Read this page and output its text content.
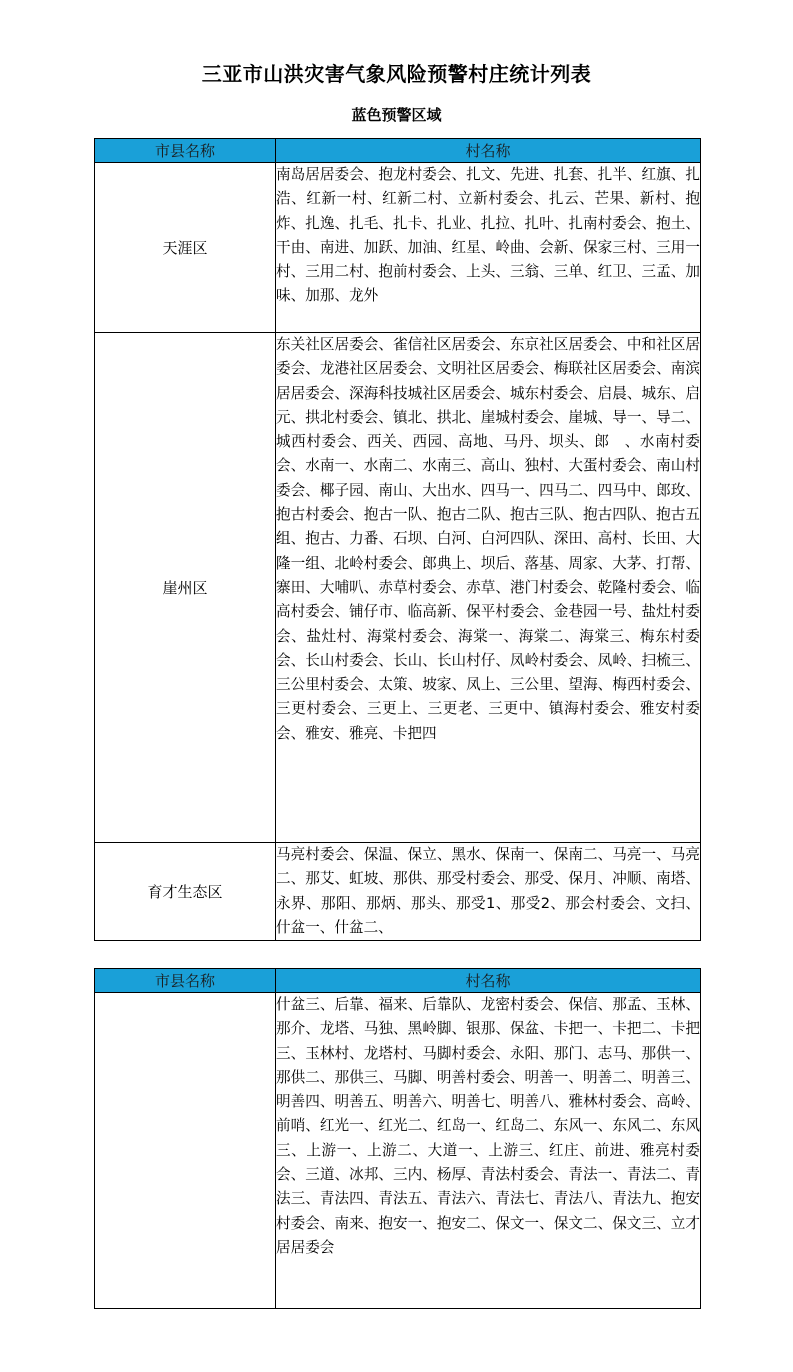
三亚市山洪灾害气象风险预警村庄统计列表
蓝色预警区域
市县名称	村名称
天涯区	南岛居居委会、抱龙村委会、扎文、先进、扎套、扎半、红旗、扎浩、红新一村、红新二村、立新村委会、扎云、芒果、新村、抱炸、扎逸、扎毛、扎卡、扎业、扎拉、扎叶、扎南村委会、抱土、干由、南进、加跃、加油、红星、岭曲、会新、保家三村、三用一村、三用二村、抱前村委会、上头、三翁、三单、红卫、三孟、加味、加那、龙外
崖州区	东关社区居委会、雀信社区居委会、东京社区居委会、中和社区居委会、龙港社区居委会、文明社区居委会、梅联社区居委会、南滨居居委会、深海科技城社区居委会、城东村委会、启晨、城东、启元、拱北村委会、镇北、拱北、崖城村委会、崖城、导一、导二、城西村委会、西关、西园、高地、马丹、坝头、郎　、水南村委会、水南一、水南二、水南三、高山、独村、大蛋村委会、南山村委会、椰子园、南山、大出水、四马一、四马二、四马中、郎玫、抱古村委会、抱古一队、抱古二队、抱古三队、抱古四队、抱古五组、抱古、力番、石坝、白河、白河四队、深田、高村、长田、大隆一组、北岭村委会、郎典上、坝后、落基、周家、大茅、打帮、寨田、大哺叭、赤草村委会、赤草、港门村委会、乾隆村委会、临高村委会、铺仔市、临高新、保平村委会、金巷园一号、盐灶村委会、盐灶村、海棠村委会、海棠一、海棠二、海棠三、梅东村委会、长山村委会、长山、长山村仔、凤岭村委会、凤岭、扫梳三、三公里村委会、太策、坡家、凤上、三公里、望海、梅西村委会、三更村委会、三更上、三更老、三更中、镇海村委会、雅安村委会、雅安、雅亮、卡把四
育才生态区	马亮村委会、保温、保立、黑水、保南一、保南二、马亮一、马亮二、那艾、虹坡、那供、那受村委会、那受、保月、冲顺、南塔、永界、那阳、那炳、那头、那受1、那受2、那会村委会、文扫、什盆一、什盆二、
市县名称	村名称
	什盆三、后靠、福来、后靠队、龙密村委会、保信、那孟、玉林、那介、龙塔、马独、黑岭脚、银那、保盆、卡把一、卡把二、卡把三、玉林村、龙塔村、马脚村委会、永阳、那门、志马、那供一、那供二、那供三、马脚、明善村委会、明善一、明善二、明善三、明善四、明善五、明善六、明善七、明善八、雅林村委会、高岭、前哨、红光一、红光二、红岛一、红岛二、东风一、东风二、东风三、上游一、上游二、大道一、上游三、红庄、前进、雅亮村委会、三道、冰邦、三内、杨厚、青法村委会、青法一、青法二、青法三、青法四、青法五、青法六、青法七、青法八、青法九、抱安村委会、南来、抱安一、抱安二、保文一、保文二、保文三、立才居居委会
